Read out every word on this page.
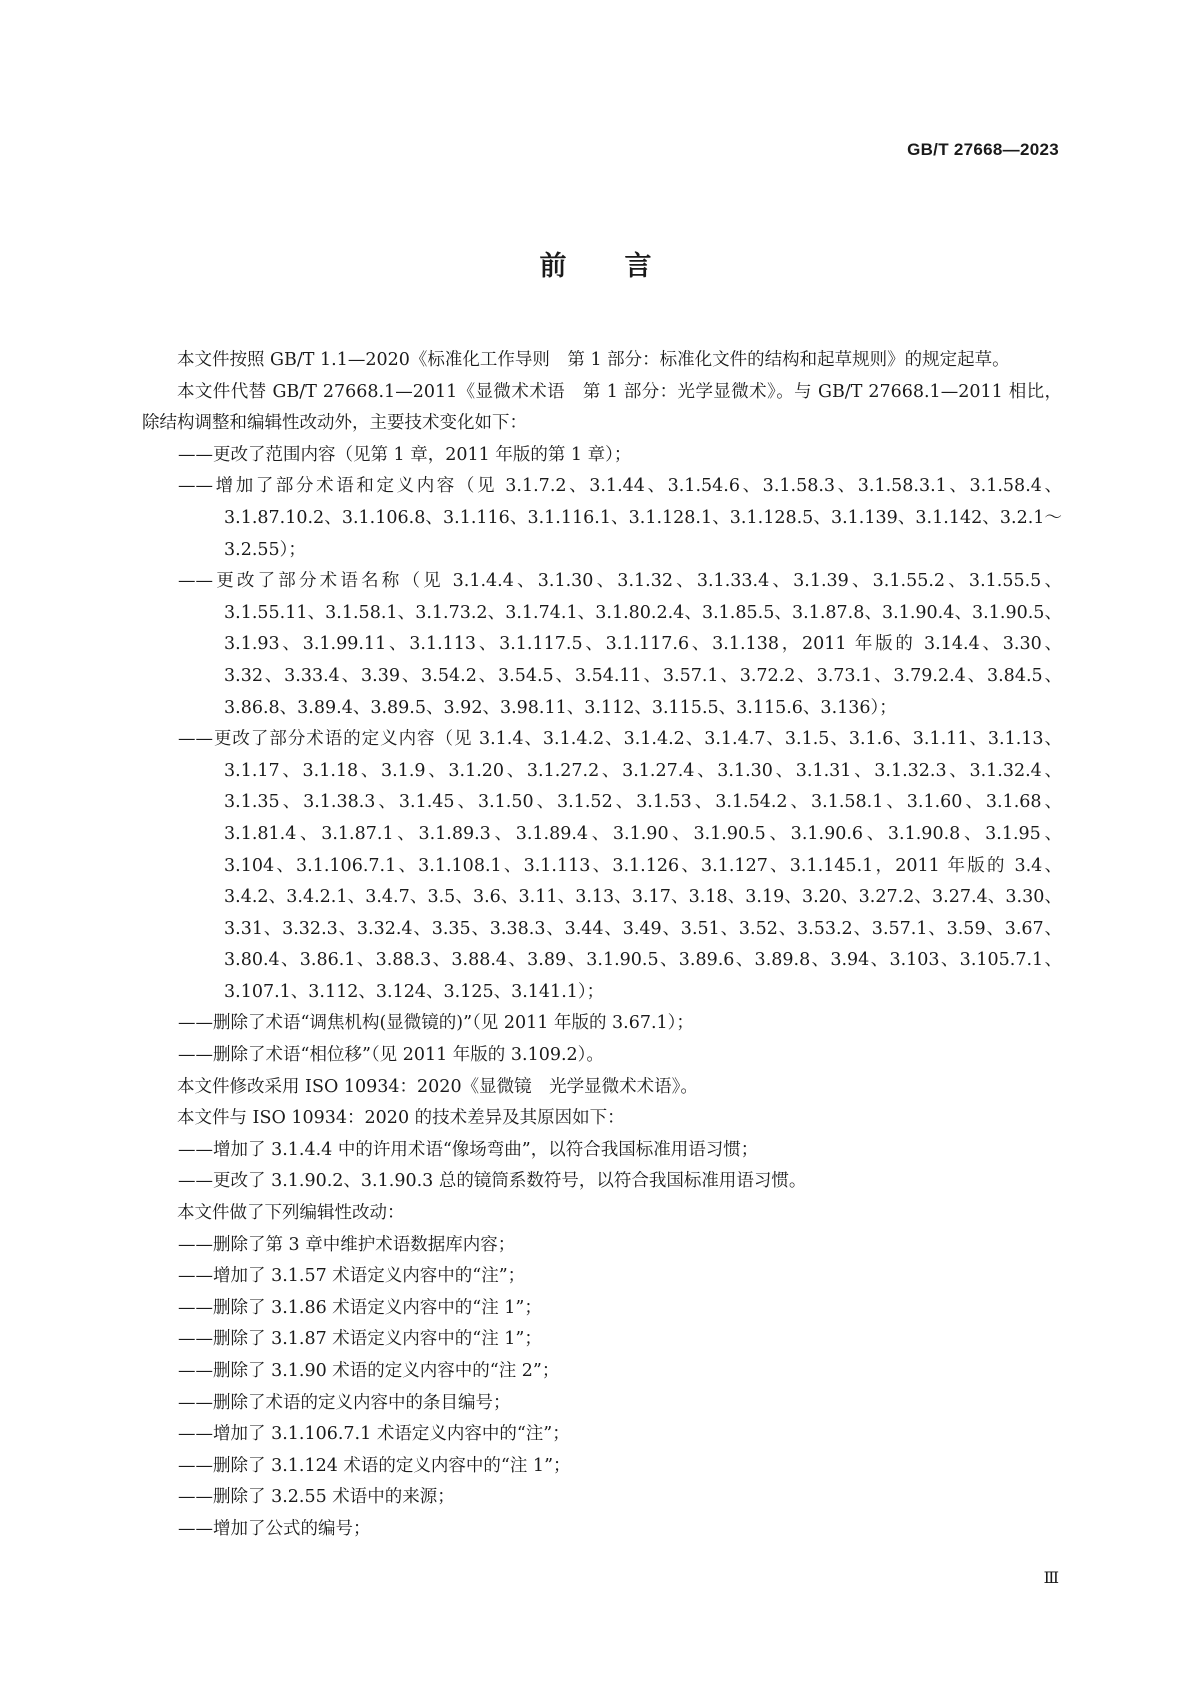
GB/T 27668—2023
前言

本文件按照 GB/T 1.1—2020《标准化工作导则　第 1 部分：标准化文件的结构和起草规则》的规定起草。

本文件代替 GB/T 27668.1—2011《显微术术语　第 1 部分：光学显微术》。与 GB/T 27668.1—2011 相比，除结构调整和编辑性改动外，主要技术变化如下：

——更改了范围内容（见第 1 章，2011 年版的第 1 章）；

——增加了部分术语和定义内容（见 3.1.7.2、3.1.44、3.1.54.6、3.1.58.3、3.1.58.3.1、3.1.58.4、3.1.87.10.2、3.1.106.8、3.1.116、3.1.116.1、3.1.128.1、3.1.128.5、3.1.139、3.1.142、3.2.1～3.2.55）；

——更改了部分术语名称（见 3.1.4.4、3.1.30、3.1.32、3.1.33.4、3.1.39、3.1.55.2、3.1.55.5、3.1.55.11、3.1.58.1、3.1.73.2、3.1.74.1、3.1.80.2.4、3.1.85.5、3.1.87.8、3.1.90.4、3.1.90.5、3.1.93、3.1.99.11、3.1.113、3.1.117.5、3.1.117.6、3.1.138，2011 年版的 3.14.4、3.30、3.32、3.33.4、3.39、3.54.2、3.54.5、3.54.11、3.57.1、3.72.2、3.73.1、3.79.2.4、3.84.5、3.86.8、3.89.4、3.89.5、3.92、3.98.11、3.112、3.115.5、3.115.6、3.136）；

——更改了部分术语的定义内容（见 3.1.4、3.1.4.2、3.1.4.2、3.1.4.7、3.1.5、3.1.6、3.1.11、3.1.13、3.1.17、3.1.18、3.1.9、3.1.20、3.1.27.2、3.1.27.4、3.1.30、3.1.31、3.1.32.3、3.1.32.4、3.1.35、3.1.38.3、3.1.45、3.1.50、3.1.52、3.1.53、3.1.54.2、3.1.58.1、3.1.60、3.1.68、3.1.81.4、3.1.87.1、3.1.89.3、3.1.89.4、3.1.90、3.1.90.5、3.1.90.6、3.1.90.8、3.1.95、3.104、3.1.106.7.1、3.1.108.1、3.1.113、3.1.126、3.1.127、3.1.145.1，2011 年版的 3.4、3.4.2、3.4.2.1、3.4.7、3.5、3.6、3.11、3.13、3.17、3.18、3.19、3.20、3.27.2、3.27.4、3.30、3.31、3.32.3、3.32.4、3.35、3.38.3、3.44、3.49、3.51、3.52、3.53.2、3.57.1、3.59、3.67、3.80.4、3.86.1、3.88.3、3.88.4、3.89、3.1.90.5、3.89.6、3.89.8、3.94、3.103、3.105.7.1、3.107.1、3.112、3.124、3.125、3.141.1）；

——删除了术语“调焦机构(显微镜的)”（见 2011 年版的 3.67.1）；

——删除了术语“相位移”（见 2011 年版的 3.109.2）。

本文件修改采用 ISO 10934：2020《显微镜　光学显微术术语》。

本文件与 ISO 10934：2020 的技术差异及其原因如下：

——增加了 3.1.4.4 中的许用术语“像场弯曲”，以符合我国标准用语习惯；

——更改了 3.1.90.2、3.1.90.3 总的镜筒系数符号，以符合我国标准用语习惯。

本文件做了下列编辑性改动：

——删除了第 3 章中维护术语数据库内容；

——增加了 3.1.57 术语定义内容中的“注”；

——删除了 3.1.86 术语定义内容中的“注 1”；

——删除了 3.1.87 术语定义内容中的“注 1”；

——删除了 3.1.90 术语的定义内容中的“注 2”；

——删除了术语的定义内容中的条目编号；

——增加了 3.1.106.7.1 术语定义内容中的“注”；

——删除了 3.1.124 术语的定义内容中的“注 1”；

——删除了 3.2.55 术语中的来源；

——增加了公式的编号；

Ⅲ
